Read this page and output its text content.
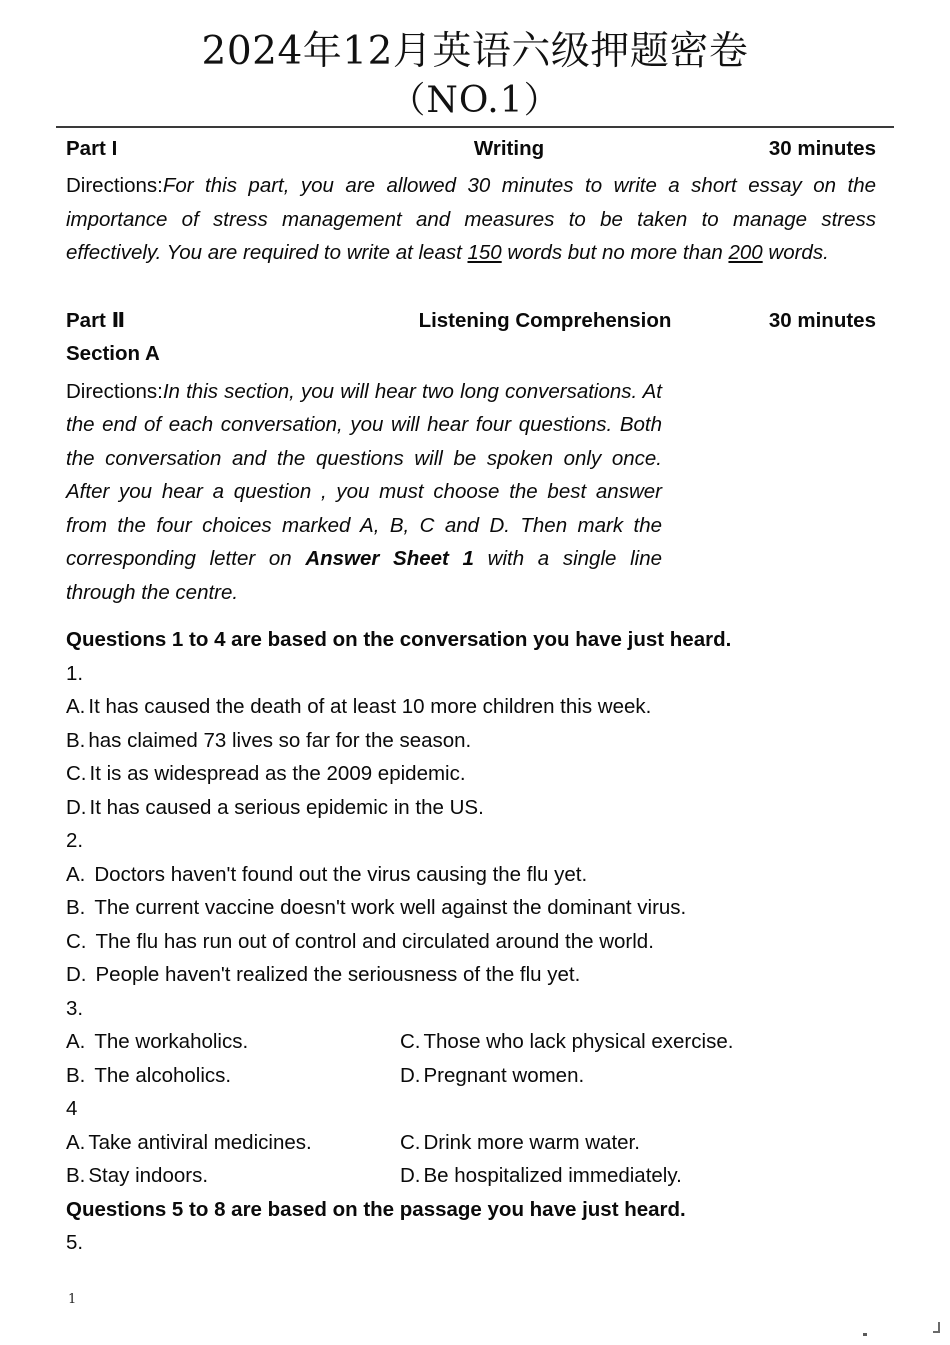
2024年12月英语六级押题密卷
（NO.1）
Part I	Writing	30 minutes
Directions:For this part, you are allowed 30 minutes to write a short essay on the importance of stress management and measures to be taken to manage stress effectively. You are required to write at least 150 words but no more than 200 words.
Part Ⅱ	Listening Comprehension	30 minutes
Section A
Directions:In this section, you will hear two long conversations. At the end of each conversation, you will hear four questions. Both the conversation and the questions will be spoken only once. After you hear a question , you must choose the best answer from the four choices marked A, B, C and D. Then mark the corresponding letter on Answer Sheet 1 with a single line through the centre.
Questions 1 to 4 are based on the conversation you have just heard.
1.
A. It has caused the death of at least 10 more children this week.
B. has claimed 73 lives so far for the season.
C. It is as widespread as the 2009 epidemic.
D. It has caused a serious epidemic in the US.
2.
A. Doctors haven't found out the virus causing the flu yet.
B. The current vaccine doesn't work well against the dominant virus.
C. The flu has run out of control and circulated around the world.
D. People haven't realized the seriousness of the flu yet.
3.
A. The workaholics.	C. Those who lack physical exercise.
B. The alcoholics.	D. Pregnant women.
4
A. Take antiviral medicines.	C. Drink more warm water.
B. Stay indoors.	D. Be hospitalized immediately.
Questions 5 to 8 are based on the passage you have just heard.
5.
1
